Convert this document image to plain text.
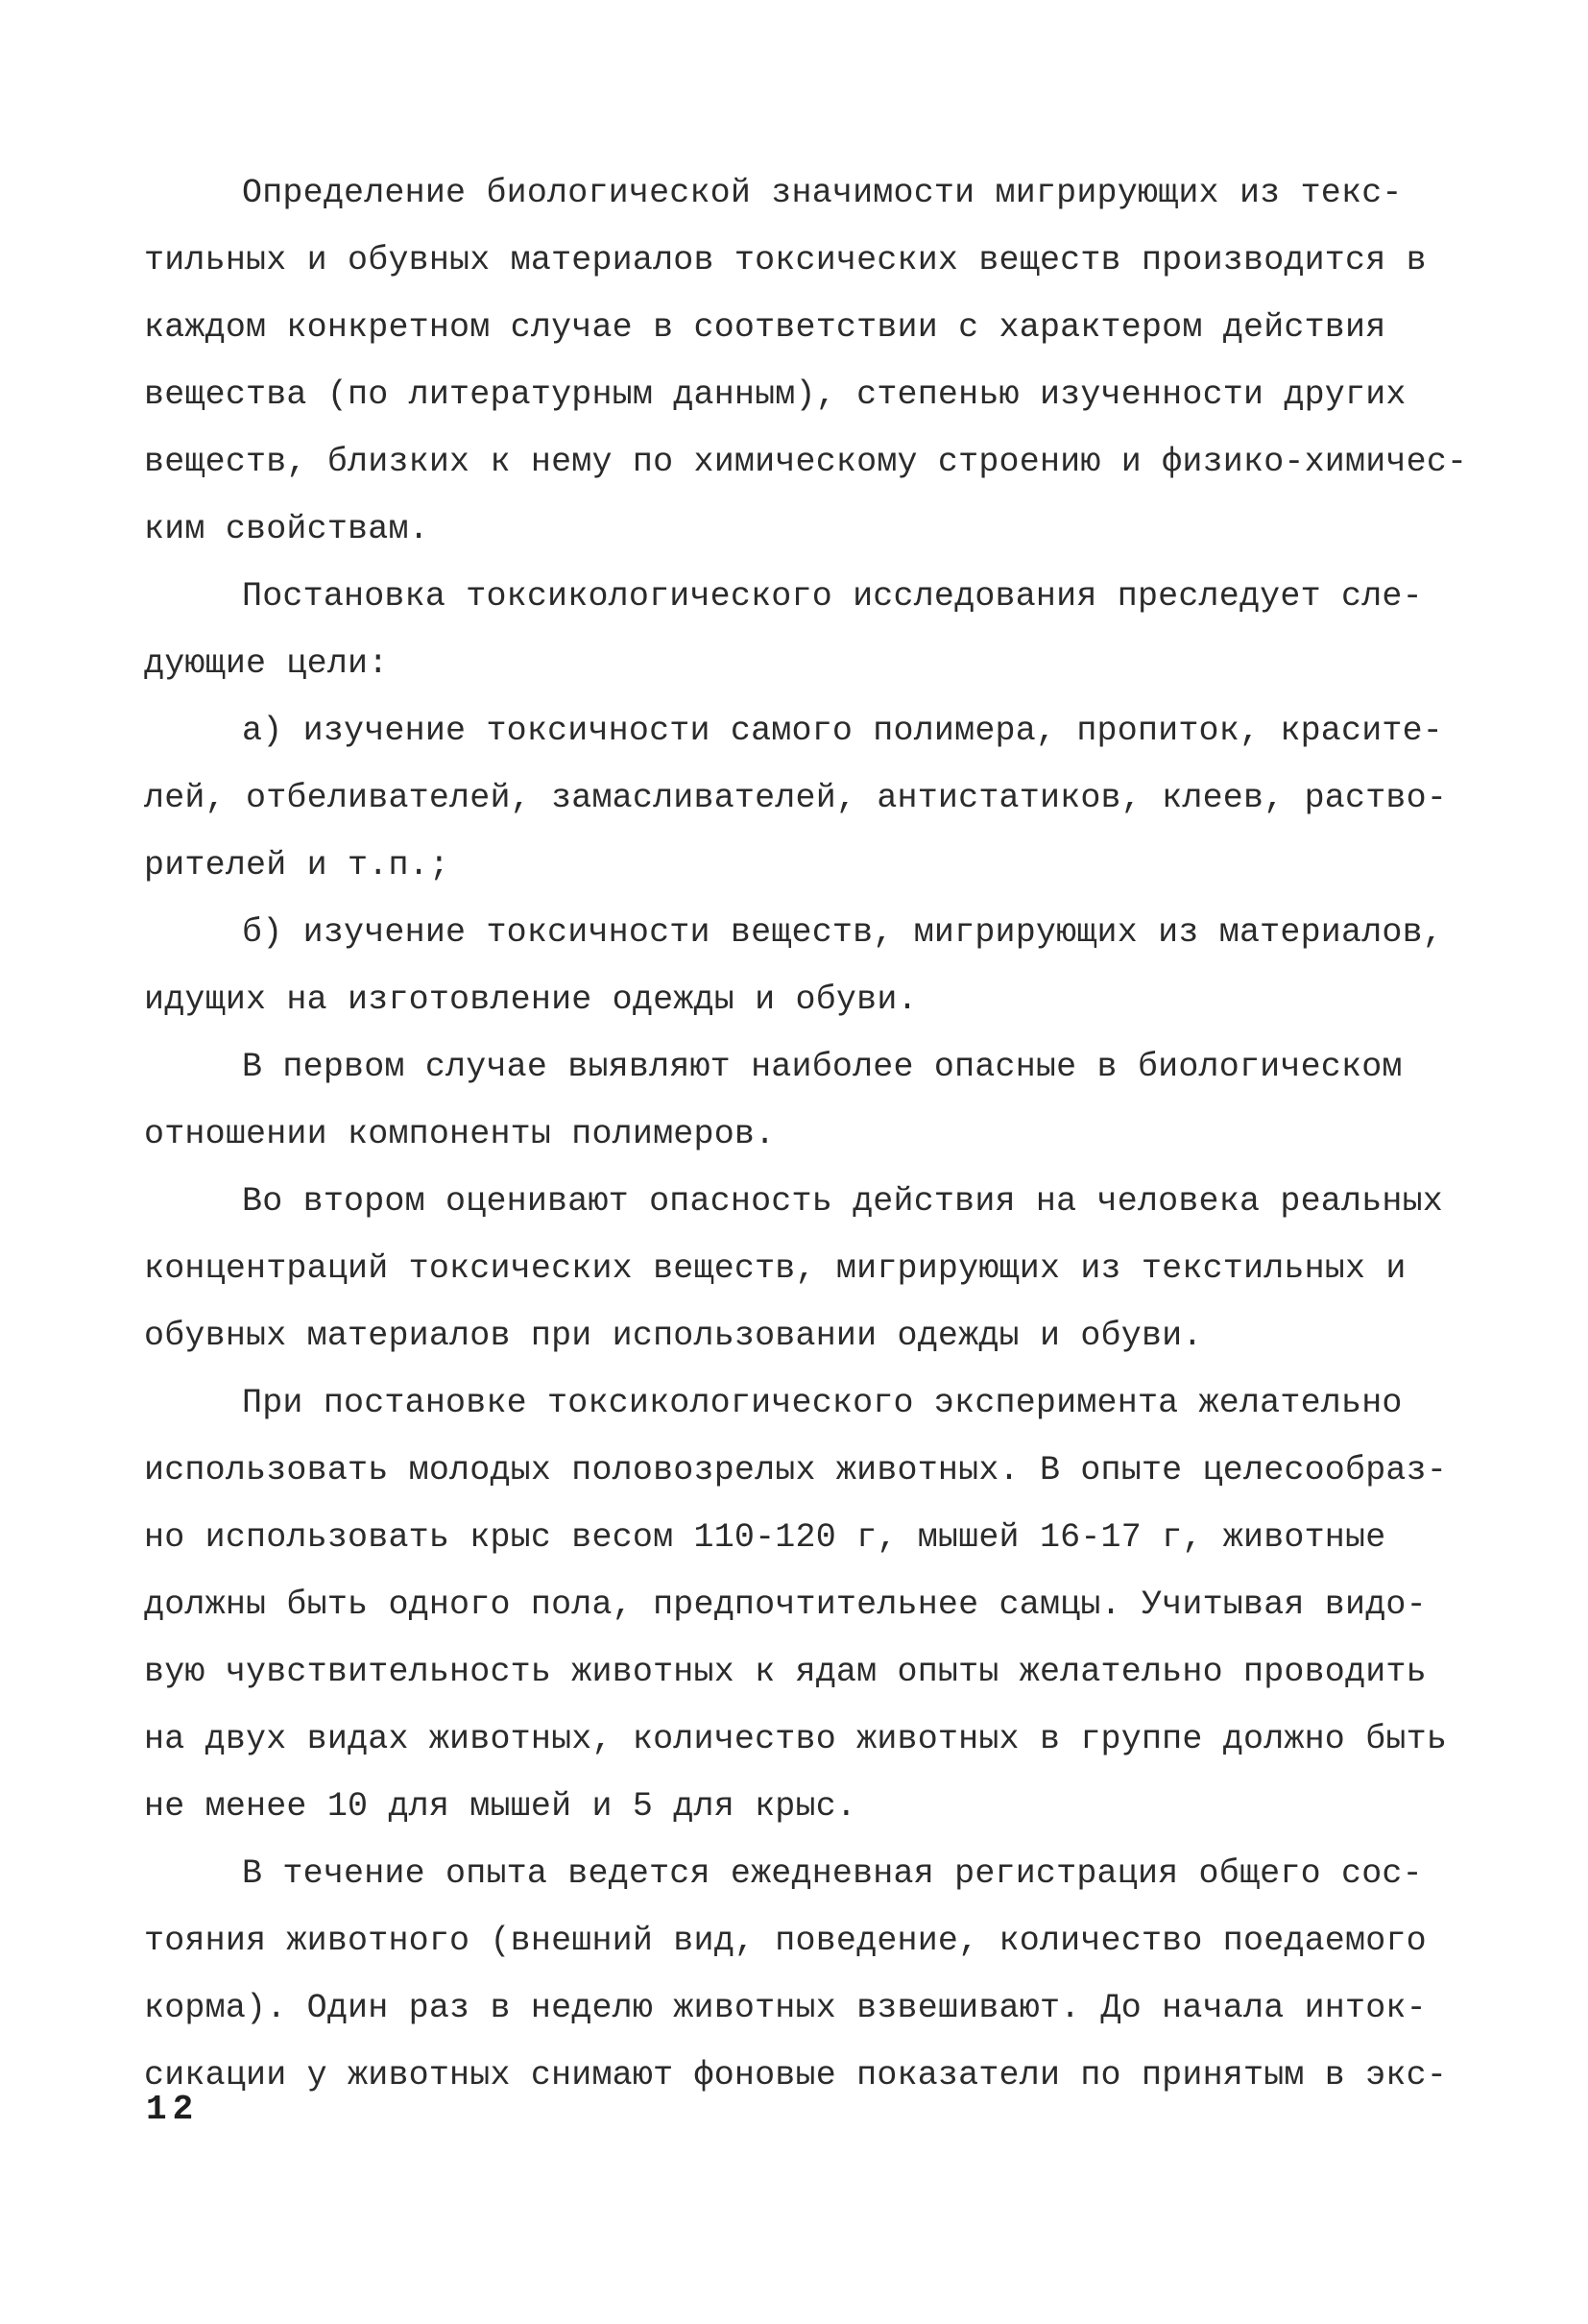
Определение биологической значимости мигрирующих из текс-
тильных и обувных материалов токсических веществ производится в
каждом конкретном случае в соответствии с характером действия
вещества (по литературным данным), степенью изученности других
веществ, близких к нему по химическому строению и физико-химичес-
ким свойствам.
Постановка токсикологического исследования преследует сле-
дующие цели:
а) изучение токсичности самого полимера, пропиток, красите-
лей, отбеливателей, замасливателей, антистатиков, клеев, раство-
рителей и т.п.;
б) изучение токсичности веществ, мигрирующих из материалов,
идущих на изготовление одежды и обуви.
В первом случае выявляют наиболее опасные в биологическом
отношении компоненты полимеров.
Во втором оценивают опасность действия на человека реальных
концентраций токсических веществ, мигрирующих из текстильных и
обувных материалов при использовании одежды и обуви.
При постановке токсикологического эксперимента желательно
использовать молодых половозрелых животных. В опыте целесообраз-
но использовать крыс весом 110-120 г, мышей 16-17 г, животные
должны быть одного пола, предпочтительнее самцы. Учитывая видо-
вую чувствительность животных к ядам опыты желательно проводить
на двух видах животных, количество животных в группе должно быть
не менее 10 для мышей и 5 для крыс.
В течение опыта ведется ежедневная регистрация общего сос-
тояния животного (внешний вид, поведение, количество поедаемого
корма). Один раз в неделю животных взвешивают. До начала инток-
сикации у животных снимают фоновые показатели по принятым в экс-
12
